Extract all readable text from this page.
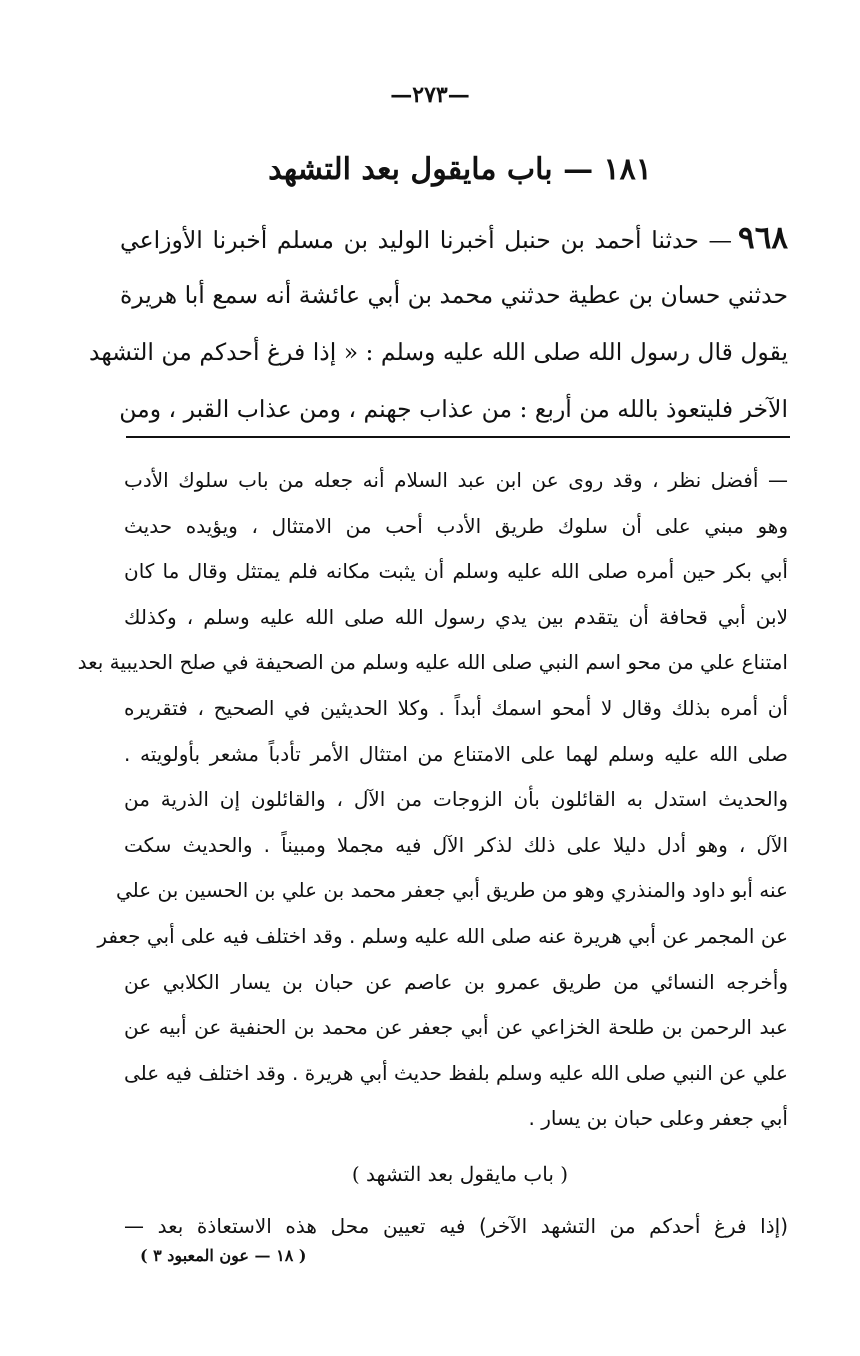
—٢٧٣—
١٨١ — باب مايقول بعد التشهد
٩٦٨— حدثنا أحمد بن حنبل أخبرنا الوليد بن مسلم أخبرنا الأوزاعي
حدثني حسان بن عطية حدثني محمد بن أبي عائشة أنه سمع أبا هريرة
يقول قال رسول الله صلى الله عليه وسلم : « إذا فرغ أحدكم من التشهد
الآخر فليتعوذ بالله من أربع : من عذاب جهنم ، ومن عذاب القبر ، ومن
— أفضل نظر ، وقد روى عن ابن عبد السلام أنه جعله من باب سلوك الأدب
وهو مبني على أن سلوك طريق الأدب أحب من الامتثال ، ويؤيده حديث
أبي بكر حين أمره صلى الله عليه وسلم أن يثبت مكانه فلم يمتثل وقال ما كان
لابن أبي قحافة أن يتقدم بين يدي رسول الله صلى الله عليه وسلم ، وكذلك
امتناع علي من محو اسم النبي صلى الله عليه وسلم من الصحيفة في صلح الحديبية بعد
أن أمره بذلك وقال لا أمحو اسمك أبداً . وكلا الحديثين في الصحيح ، فتقريره
صلى الله عليه وسلم لهما على الامتناع من امتثال الأمر تأدباً مشعر بأولويته .
والحديث استدل به القائلون بأن الزوجات من الآل ، والقائلون إن الذرية من
الآل ، وهو أدل دليلا على ذلك لذكر الآل فيه مجملا ومبيناً . والحديث سكت
عنه أبو داود والمنذري وهو من طريق أبي جعفر محمد بن علي بن الحسين بن علي
عن المجمر عن أبي هريرة عنه صلى الله عليه وسلم . وقد اختلف فيه على أبي جعفر
وأخرجه النسائي من طريق عمرو بن عاصم عن حبان بن يسار الكلابي عن
عبد الرحمن بن طلحة الخزاعي عن أبي جعفر عن محمد بن الحنفية عن أبيه عن
علي عن النبي صلى الله عليه وسلم بلفظ حديث أبي هريرة . وقد اختلف فيه على
أبي جعفر وعلى حبان بن يسار .
( باب مايقول بعد التشهد )
(إذا فرغ أحدكم من التشهد الآخر) فيه تعيين محل هذه الاستعاذة بعد —
( ١٨ — عون المعبود ٣ )
